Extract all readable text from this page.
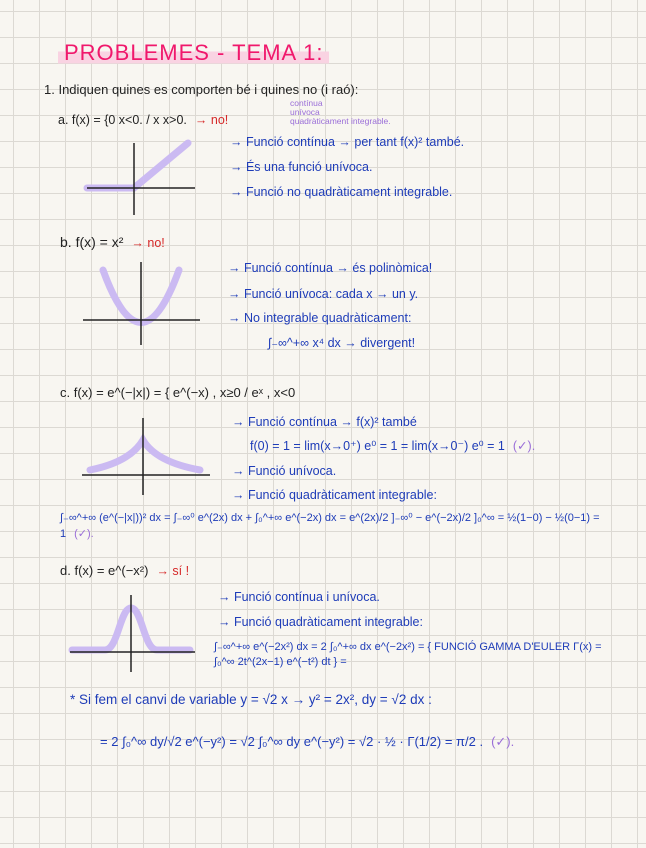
PROBLEMES - TEMA 1:
1. Indiquen quines es comporten bé i quines no (i raó):
contínua
unívoca
quadràticament integrable.
a. f(x) = {0 x<0. / x x>0. → no!
→ Funció contínua → per tant f(x)² també.
→ És una funció unívoca.
→ Funció no quadràticament integrable.
b. f(x) = x² → no!
→ Funció contínua → és polinòmica!
→ Funció unívoca: cada x → un y.
→ No integrable quadràticament:
∫₋∞^+∞ x⁴ dx → divergent!
c. f(x) = e^(−|x|) = { e^(−x) , x≥0 / eˣ , x<0
→ Funció contínua → f(x)² també
f(0) = 1 = lim(x→0⁺) e⁰ = 1 = lim(x→0⁻) e⁰ = 1 (✓).
→ Funció unívoca.
→ Funció quadràticament integrable:
∫₋∞^+∞ (e^(−|x|))² dx = ∫₋∞⁰ e^(2x) dx + ∫₀^+∞ e^(−2x) dx = e^(2x)/2 ]₋∞⁰ − e^(−2x)/2 ]₀^∞ = ½(1−0) − ½(0−1) = 1 (✓).
d. f(x) = e^(−x²) → sí !
→ Funció contínua i unívoca.
→ Funció quadràticament integrable:
∫₋∞^+∞ e^(−2x²) dx = 2 ∫₀^+∞ dx e^(−2x²) = { FUNCIÓ GAMMA D'EULER Γ(x) = ∫₀^∞ 2t^(2x−1) e^(−t²) dt } =
* Si fem el canvi de variable y = √2 x → y² = 2x², dy = √2 dx :
= 2 ∫₀^∞ dy/√2 e^(−y²) = √2 ∫₀^∞ dy e^(−y²) = √2 · ½ · Γ(1/2) = π/2 . (✓).
